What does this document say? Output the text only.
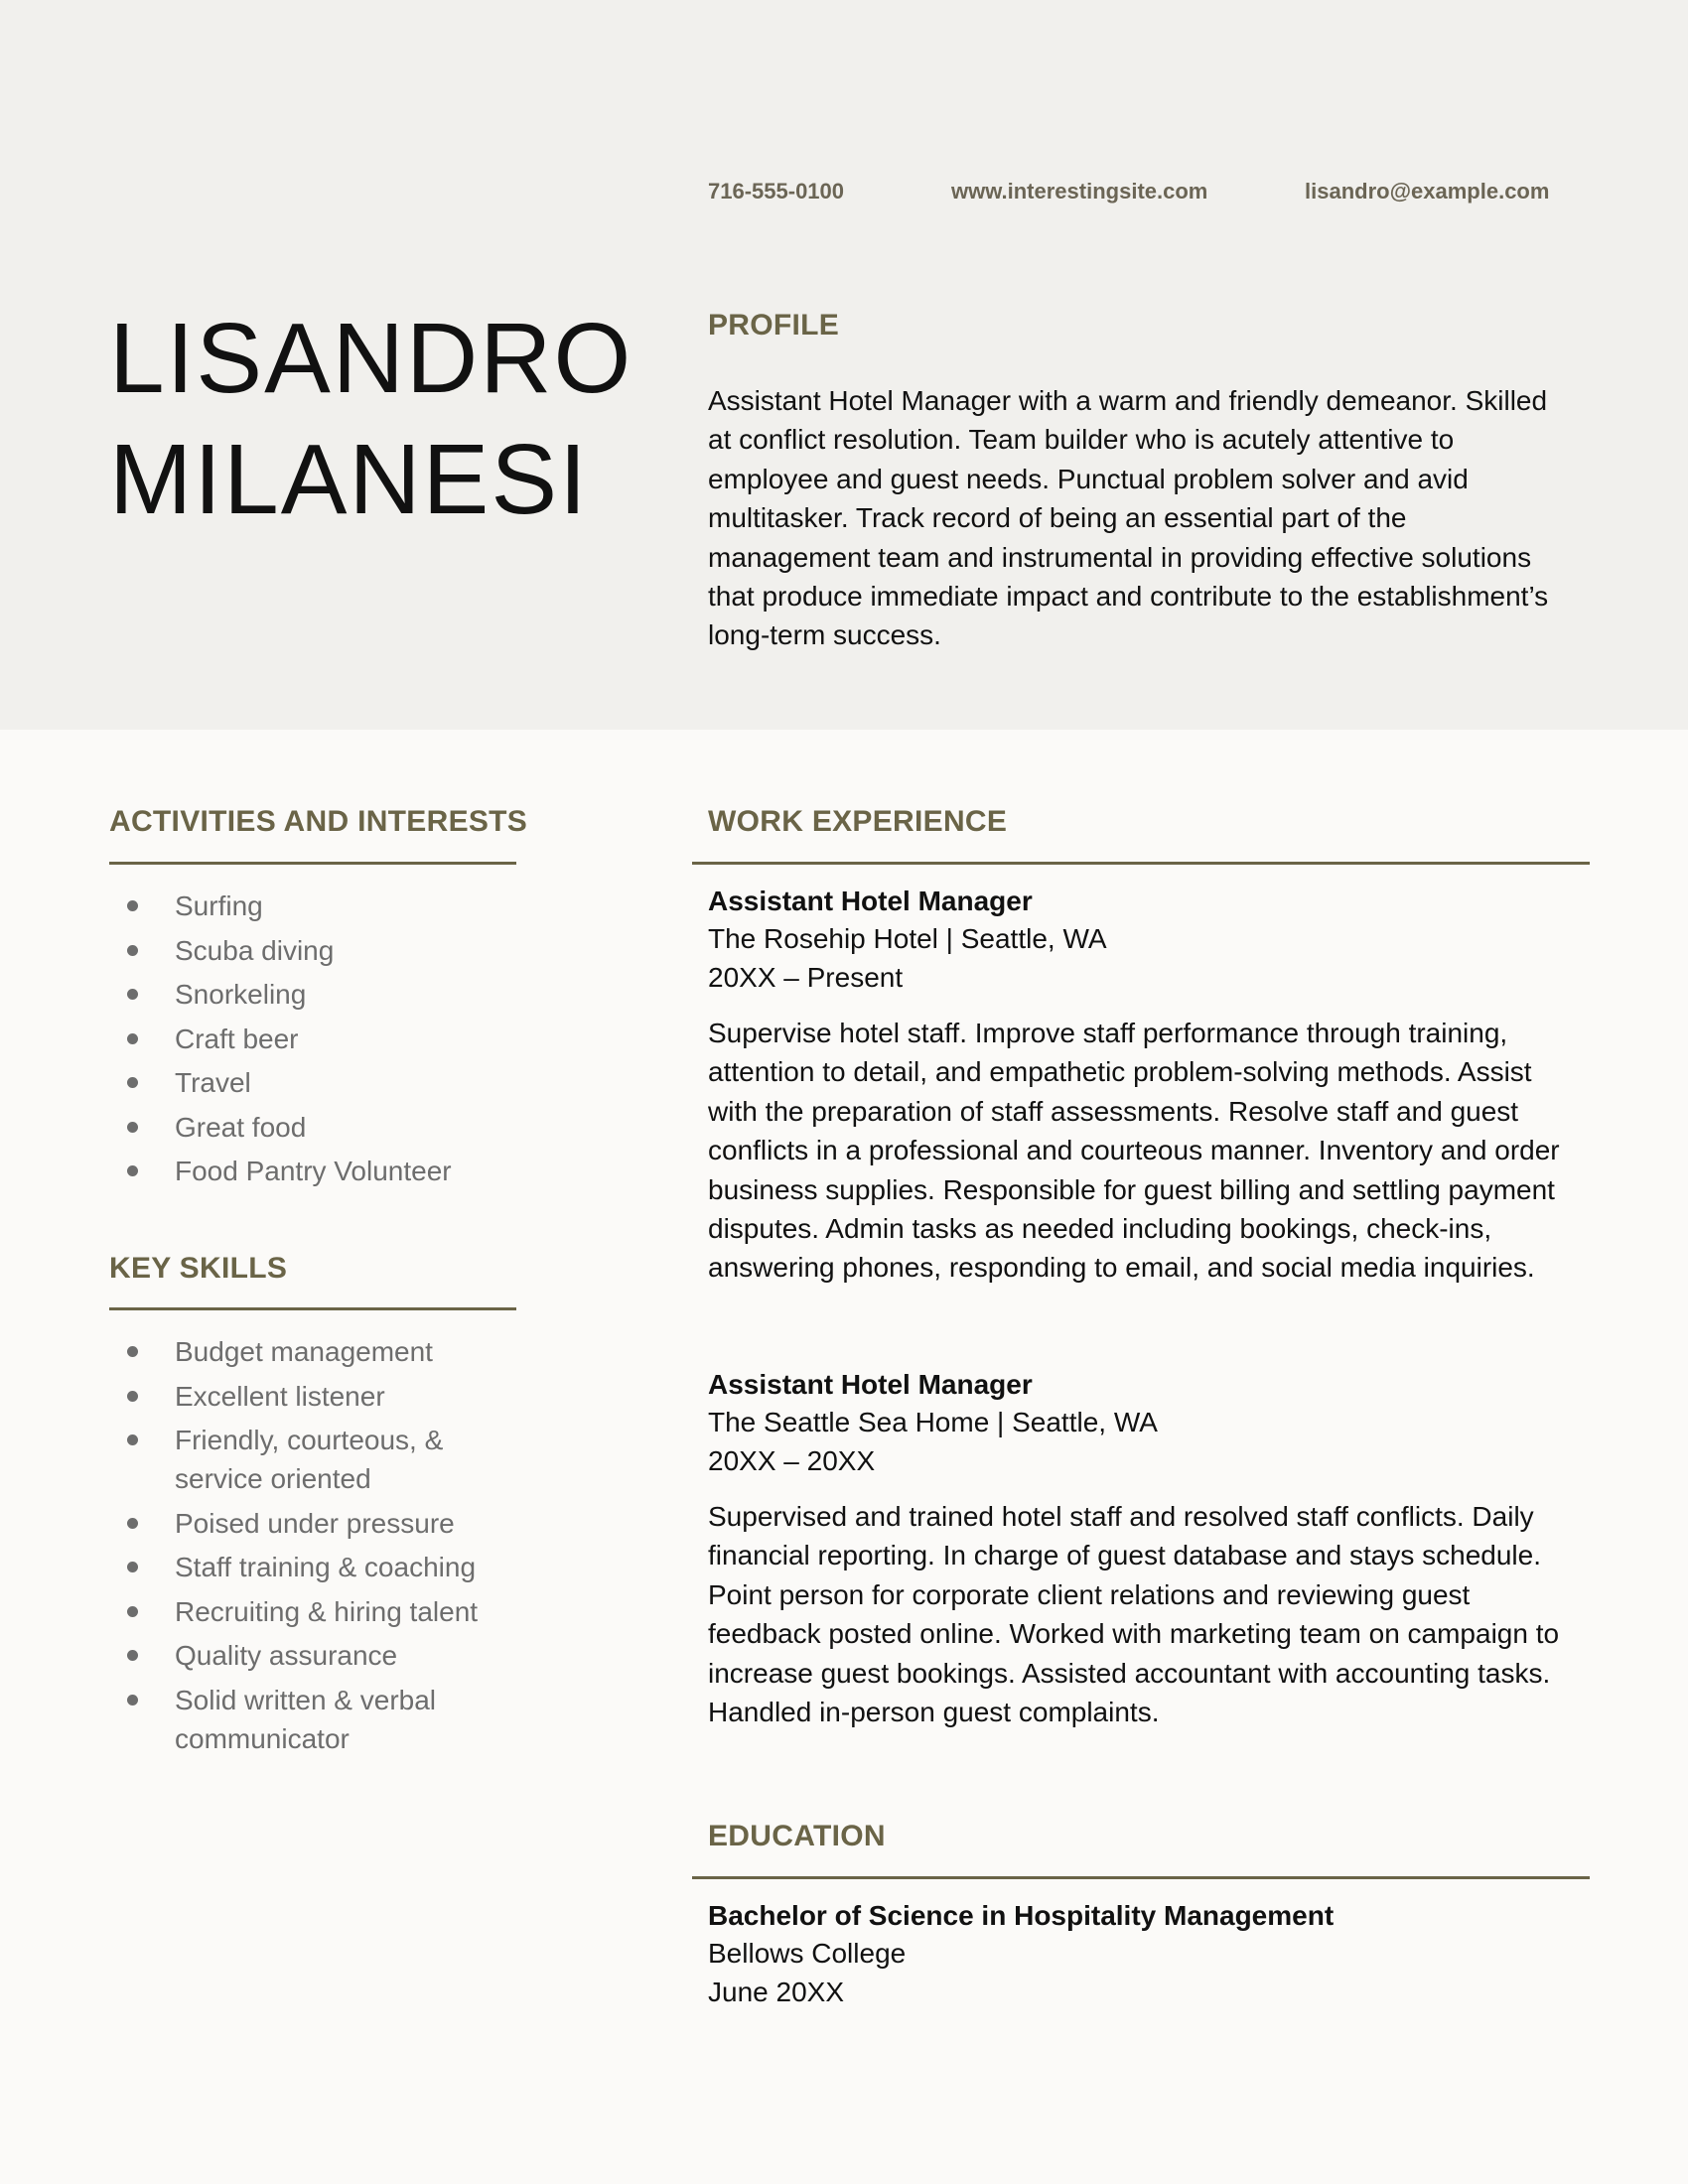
716-555-0100	www.interestingsite.com	lisandro@example.com
LISANDRO
MILANESI
PROFILE

Assistant Hotel Manager with a warm and friendly demeanor. Skilled at conflict resolution. Team builder who is acutely attentive to employee and guest needs. Punctual problem solver and avid multitasker. Track record of being an essential part of the management team and instrumental in providing effective solutions that produce immediate impact and contribute to the establishment’s long-term success.

ACTIVITIES AND INTERESTS
Surfing
Scuba diving
Snorkeling
Craft beer
Travel
Great food
Food Pantry Volunteer
KEY SKILLS
Budget management
Excellent listener
Friendly, courteous, & service oriented
Poised under pressure
Staff training & coaching
Recruiting & hiring talent
Quality assurance
Solid written & verbal communicator
WORK EXPERIENCE
Assistant Hotel Manager
The Rosehip Hotel | Seattle, WA
20XX – Present

Supervise hotel staff. Improve staff performance through training, attention to detail, and empathetic problem-solving methods. Assist with the preparation of staff assessments. Resolve staff and guest conflicts in a professional and courteous manner. Inventory and order business supplies. Responsible for guest billing and settling payment disputes. Admin tasks as needed including bookings, check-ins, answering phones, responding to email, and social media inquiries.

Assistant Hotel Manager
The Seattle Sea Home | Seattle, WA
20XX – 20XX

Supervised and trained hotel staff and resolved staff conflicts. Daily financial reporting. In charge of guest database and stays schedule. Point person for corporate client relations and reviewing guest feedback posted online. Worked with marketing team on campaign to increase guest bookings. Assisted accountant with accounting tasks. Handled in-person guest complaints.

EDUCATION
Bachelor of Science in Hospitality Management
Bellows College
June 20XX
